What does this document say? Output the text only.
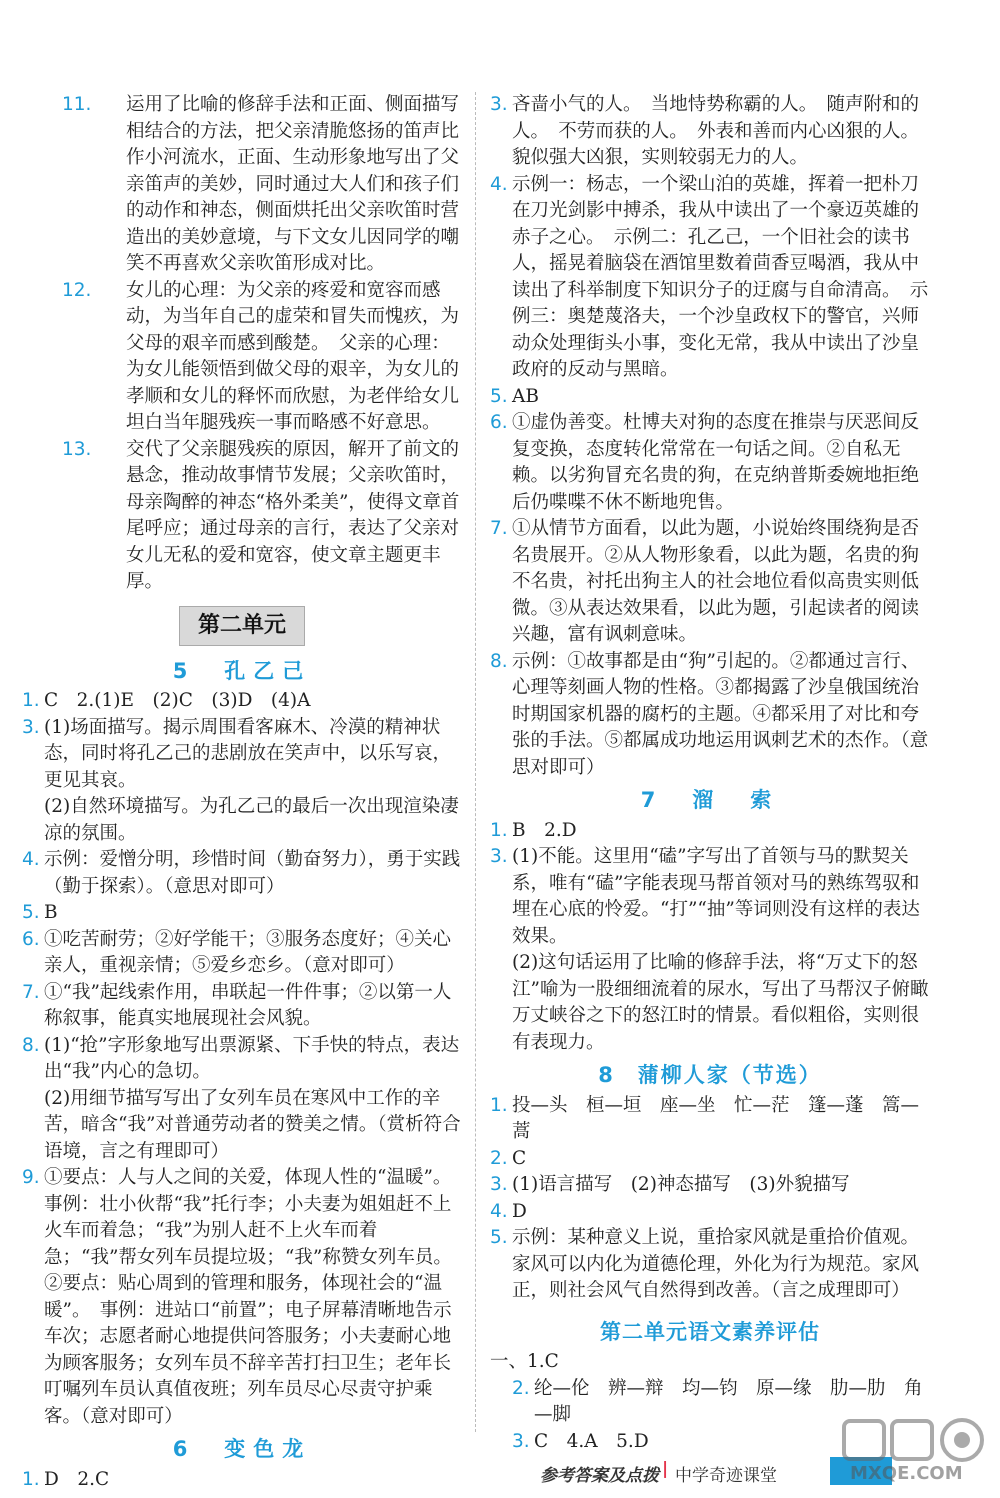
11. 运用了比喻的修辞手法和正面、侧面描写相结合的方法，把父亲清脆悠扬的笛声比作小河流水，正面、生动形象地写出了父亲笛声的美妙，同时通过大人们和孩子们的动作和神态，侧面烘托出父亲吹笛时营造出的美妙意境，与下文女儿因同学的嘲笑不再喜欢父亲吹笛形成对比。
12. 女儿的心理：为父亲的疼爱和宽容而感动，为当年自己的虚荣和冒失而愧疚，为父母的艰辛而感到酸楚。　父亲的心理：为女儿能领悟到做父母的艰辛，为女儿的孝顺和女儿的释怀而欣慰，为老伴给女儿坦白当年腿残疾一事而略感不好意思。
13. 交代了父亲腿残疾的原因，解开了前文的悬念，推动故事情节发展；父亲吹笛时，母亲陶醉的神态“格外柔美”，使得文章首尾呼应；通过母亲的言行，表达了父亲对女儿无私的爱和宽容，使文章主题更丰厚。
第二单元
5　孔乙己
1. C　2.(1)E　(2)C　(3)D　(4)A
3. (1)场面描写。揭示周围看客麻木、冷漠的精神状态，同时将孔乙己的悲剧放在笑声中，以乐写哀，更见其哀。

(2)自然环境描写。为孔乙己的最后一次出现渲染凄凉的氛围。

4. 示例：爱憎分明，珍惜时间（勤奋努力），勇于实践（勤于探索）。（意思对即可）
5. B
6. ①吃苦耐劳；②好学能干；③服务态度好；④关心亲人，重视亲情；⑤爱乡恋乡。（意对即可）
7. ①“我”起线索作用，串联起一件件事；②以第一人称叙事，能真实地展现社会风貌。
8. (1)“抢”字形象地写出票源紧、下手快的特点，表达出“我”内心的急切。

(2)用细节描写写出了女列车员在寒风中工作的辛苦，暗含“我”对普通劳动者的赞美之情。（赏析符合语境，言之有理即可）

9. ①要点：人与人之间的关爱，体现人性的“温暖”。

事例：壮小伙帮“我”托行李；小夫妻为姐姐赶不上火车而着急；“我”为别人赶不上火车而着急；“我”帮女列车员提垃圾；“我”称赞女列车员。

②要点：贴心周到的管理和服务，体现社会的“温暖”。　事例：进站口“前置”；电子屏幕清晰地告示车次；志愿者耐心地提供问答服务；小夫妻耐心地为顾客服务；女列车员不辞辛苦打扫卫生；老年长叮嘱列车员认真值夜班；列车员尽心尽责守护乘客。（意对即可）

6　变色龙
1. D　2.C
3. 吝啬小气的人。　当地恃势称霸的人。　随声附和的人。　不劳而获的人。　外表和善而内心凶狠的人。貌似强大凶狠，实则较弱无力的人。
4. 示例一：杨志，一个梁山泊的英雄，挥着一把朴刀在刀光剑影中搏杀，我从中读出了一个豪迈英雄的赤子之心。　示例二：孔乙己，一个旧社会的读书人，摇晃着脑袋在酒馆里数着茴香豆喝酒，我从中读出了科举制度下知识分子的迂腐与自命清高。　示例三：奥楚蔑洛夫，一个沙皇政权下的警官，兴师动众处理街头小事，变化无常，我从中读出了沙皇政府的反动与黑暗。
5. AB
6. ①虚伪善变。杜博夫对狗的态度在推崇与厌恶间反复变换，态度转化常常在一句话之间。②自私无赖。以劣狗冒充名贵的狗，在克纳普斯委婉地拒绝后仍喋喋不休不断地兜售。
7. ①从情节方面看，以此为题，小说始终围绕狗是否名贵展开。②从人物形象看，以此为题，名贵的狗不名贵，衬托出狗主人的社会地位看似高贵实则低微。③从表达效果看，以此为题，引起读者的阅读兴趣，富有讽刺意味。
8. 示例：①故事都是由“狗”引起的。②都通过言行、心理等刻画人物的性格。③都揭露了沙皇俄国统治时期国家机器的腐朽的主题。④都采用了对比和夸张的手法。⑤都属成功地运用讽刺艺术的杰作。（意思对即可）
7　溜　索
1. B　2.D
3. (1)不能。这里用“磕”字写出了首领与马的默契关系，唯有“磕”字能表现马帮首领对马的熟练驾驭和埋在心底的怜爱。“打”“抽”等词则没有这样的表达效果。

(2)这句话运用了比喻的修辞手法，将“万丈下的怒江”喻为一股细细流着的尿水，写出了马帮汉子俯瞰万丈峡谷之下的怒江时的情景。看似粗俗，实则很有表现力。

8　蒲柳人家（节选）
1. 投—头　桓—垣　座—坐　忙—茫　篷—蓬　篙—蒿
2. C
3. (1)语言描写　(2)神态描写　(3)外貌描写
4. D
5. 示例：某种意义上说，重拾家风就是重拾价值观。家风可以内化为道德伦理，外化为行为规范。家风正，则社会风气自然得到改善。（言之成理即可）
第二单元语文素养评估

一、1.C

2. 纶—伦　辨—辩　均—钧　原—缘　肋—肋　角—脚
3. C　4.A　5.D
参考答案及点拨 | 中学奇迹课堂	MXQE.COM
